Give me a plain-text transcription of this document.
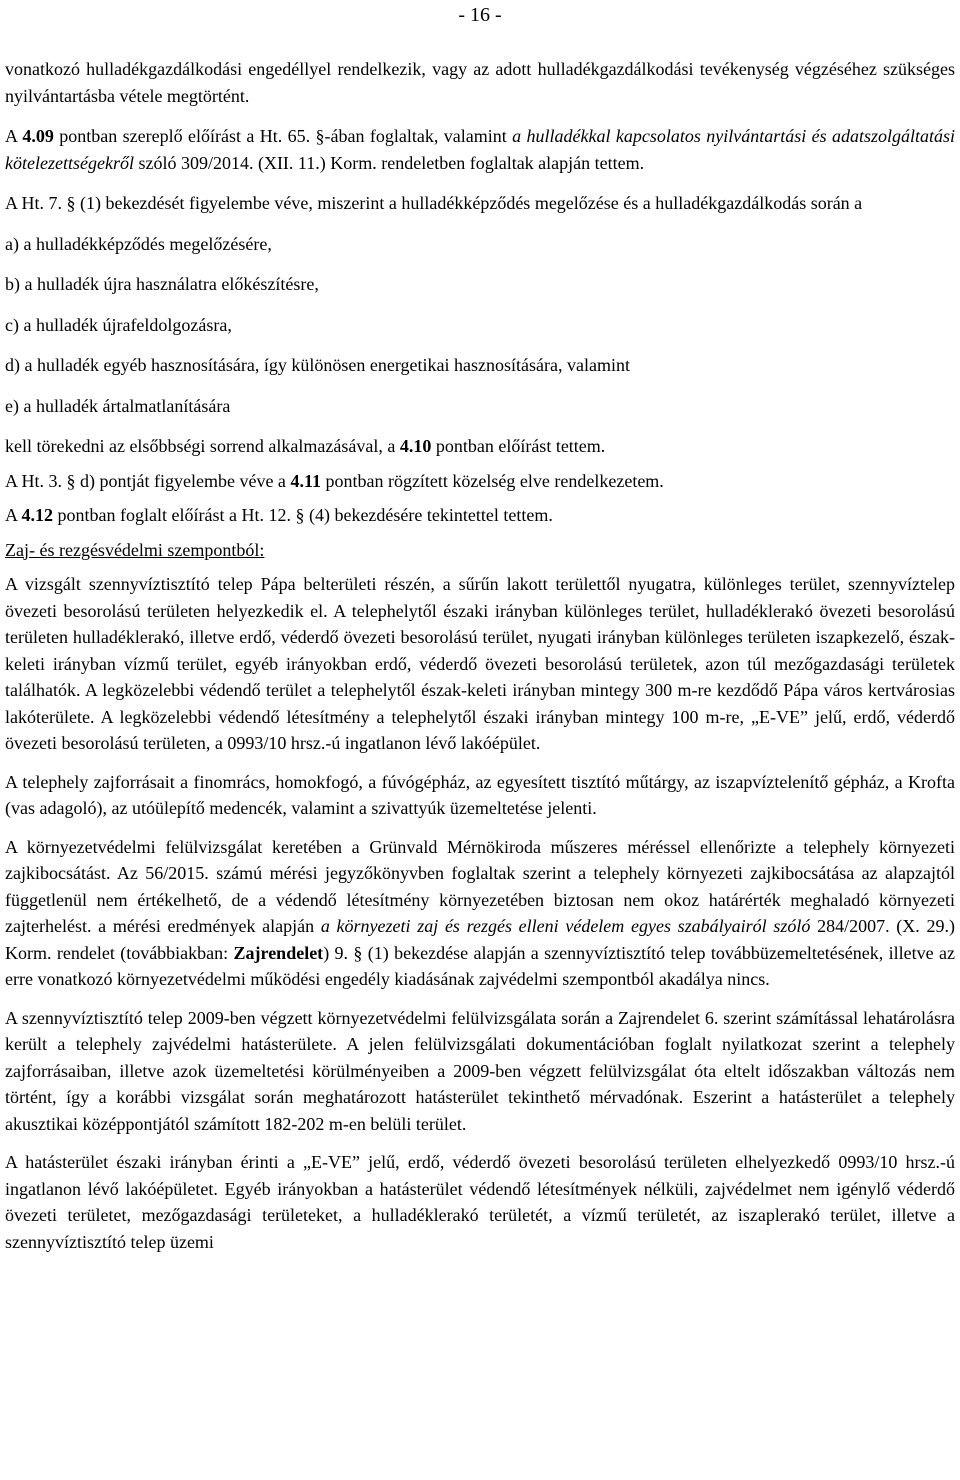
- 16 -

vonatkozó hulladékgazdálkodási engedéllyel rendelkezik, vagy az adott hulladékgazdálkodási tevékenység végzéséhez szükséges nyilvántartásba vétele megtörtént.

A 4.09 pontban szereplő előírást a Ht. 65. §-ában foglaltak, valamint a hulladékkal kapcsolatos nyilvántartási és adatszolgáltatási kötelezettségekről szóló 309/2014. (XII. 11.) Korm. rendeletben foglaltak alapján tettem.

A Ht. 7. § (1) bekezdését figyelembe véve, miszerint a hulladékképződés megelőzése és a hulladékgazdálkodás során a

a) a hulladékképződés megelőzésére,
b) a hulladék újra használatra előkészítésre,
c) a hulladék újrafeldolgozásra,
d) a hulladék egyéb hasznosítására, így különösen energetikai hasznosítására, valamint
e) a hulladék ártalmatlanítására

kell törekedni az elsőbbségi sorrend alkalmazásával, a 4.10 pontban előírást tettem.

A Ht. 3. § d) pontját figyelembe véve a 4.11 pontban rögzített közelség elve rendelkezetem.

A 4.12 pontban foglalt előírást a Ht. 12. § (4) bekezdésére tekintettel tettem.

Zaj- és rezgésvédelmi szempontból:

A vizsgált szennyvíztisztító telep Pápa belterületi részén, a sűrűn lakott területtől nyugatra, különleges terület, szennyvíztelep övezeti besorolású területen helyezkedik el. A telephelytől északi irányban különleges terület, hulladéklerakó övezeti besorolású területen hulladéklerakó, illetve erdő, véderdő övezeti besorolású terület, nyugati irányban különleges területen iszapkezelő, észak-keleti irányban vízmű terület, egyéb irányokban erdő, véderdő övezeti besorolású területek, azon túl mezőgazdasági területek találhatók. A legközelebbi védendő terület a telephelytől észak-keleti irányban mintegy 300 m-re kezdődő Pápa város kertvárosias lakóterülete. A legközelebbi védendő létesítmény a telephelytől északi irányban mintegy 100 m-re, „E-VE” jelű, erdő, véderdő övezeti besorolású területen, a 0993/10 hrsz.-ú ingatlanon lévő lakóépület.

A telephely zajforrásait a finomrács, homokfogó, a fúvógépház, az egyesített tisztító műtárgy, az iszapvíztelenítő gépház, a Krofta (vas adagoló), az utóülepítő medencék, valamint a szivattyúk üzemeltetése jelenti.

A környezetvédelmi felülvizsgálat keretében a Grünvald Mérnökiroda műszeres méréssel ellenőrizte a telephely környezeti zajkibocsátást. Az 56/2015. számú mérési jegyzőkönyvben foglaltak szerint a telephely környezeti zajkibocsátása az alapzajtól függetlenül nem értékelhető, de a védendő létesítmény környezetében biztosan nem okoz határérték meghaladó környezeti zajterhelést. a mérési eredmények alapján a környezeti zaj és rezgés elleni védelem egyes szabályairól szóló 284/2007. (X. 29.) Korm. rendelet (továbbiakban: Zajrendelet) 9. § (1) bekezdése alapján a szennyvíztisztító telep továbbüzemeltetésének, illetve az erre vonatkozó környezetvédelmi működési engedély kiadásának zajvédelmi szempontból akadálya nincs.

A szennyvíztisztító telep 2009-ben végzett környezetvédelmi felülvizsgálata során a Zajrendelet 6. szerint számítással lehatárolásra került a telephely zajvédelmi hatásterülete. A jelen felülvizsgálati dokumentációban foglalt nyilatkozat szerint a telephely zajforrásaiban, illetve azok üzemeltetési körülményeiben a 2009-ben végzett felülvizsgálat óta eltelt időszakban változás nem történt, így a korábbi vizsgálat során meghatározott hatásterület tekinthető mérvadónak. Eszerint a hatásterület a telephely akusztikai középpontjától számított 182-202 m-en belüli terület.

A hatásterület északi irányban érinti a „E-VE” jelű, erdő, véderdő övezeti besorolású területen elhelyezkedő 0993/10 hrsz.-ú ingatlanon lévő lakóépületet. Egyéb irányokban a hatásterület védendő létesítmények nélküli, zajvédelmet nem igénylő véderdő övezeti területet, mezőgazdasági területeket, a hulladéklerakó területét, a vízmű területét, az iszaplerakó terület, illetve a szennyvíztisztító telep üzemi
